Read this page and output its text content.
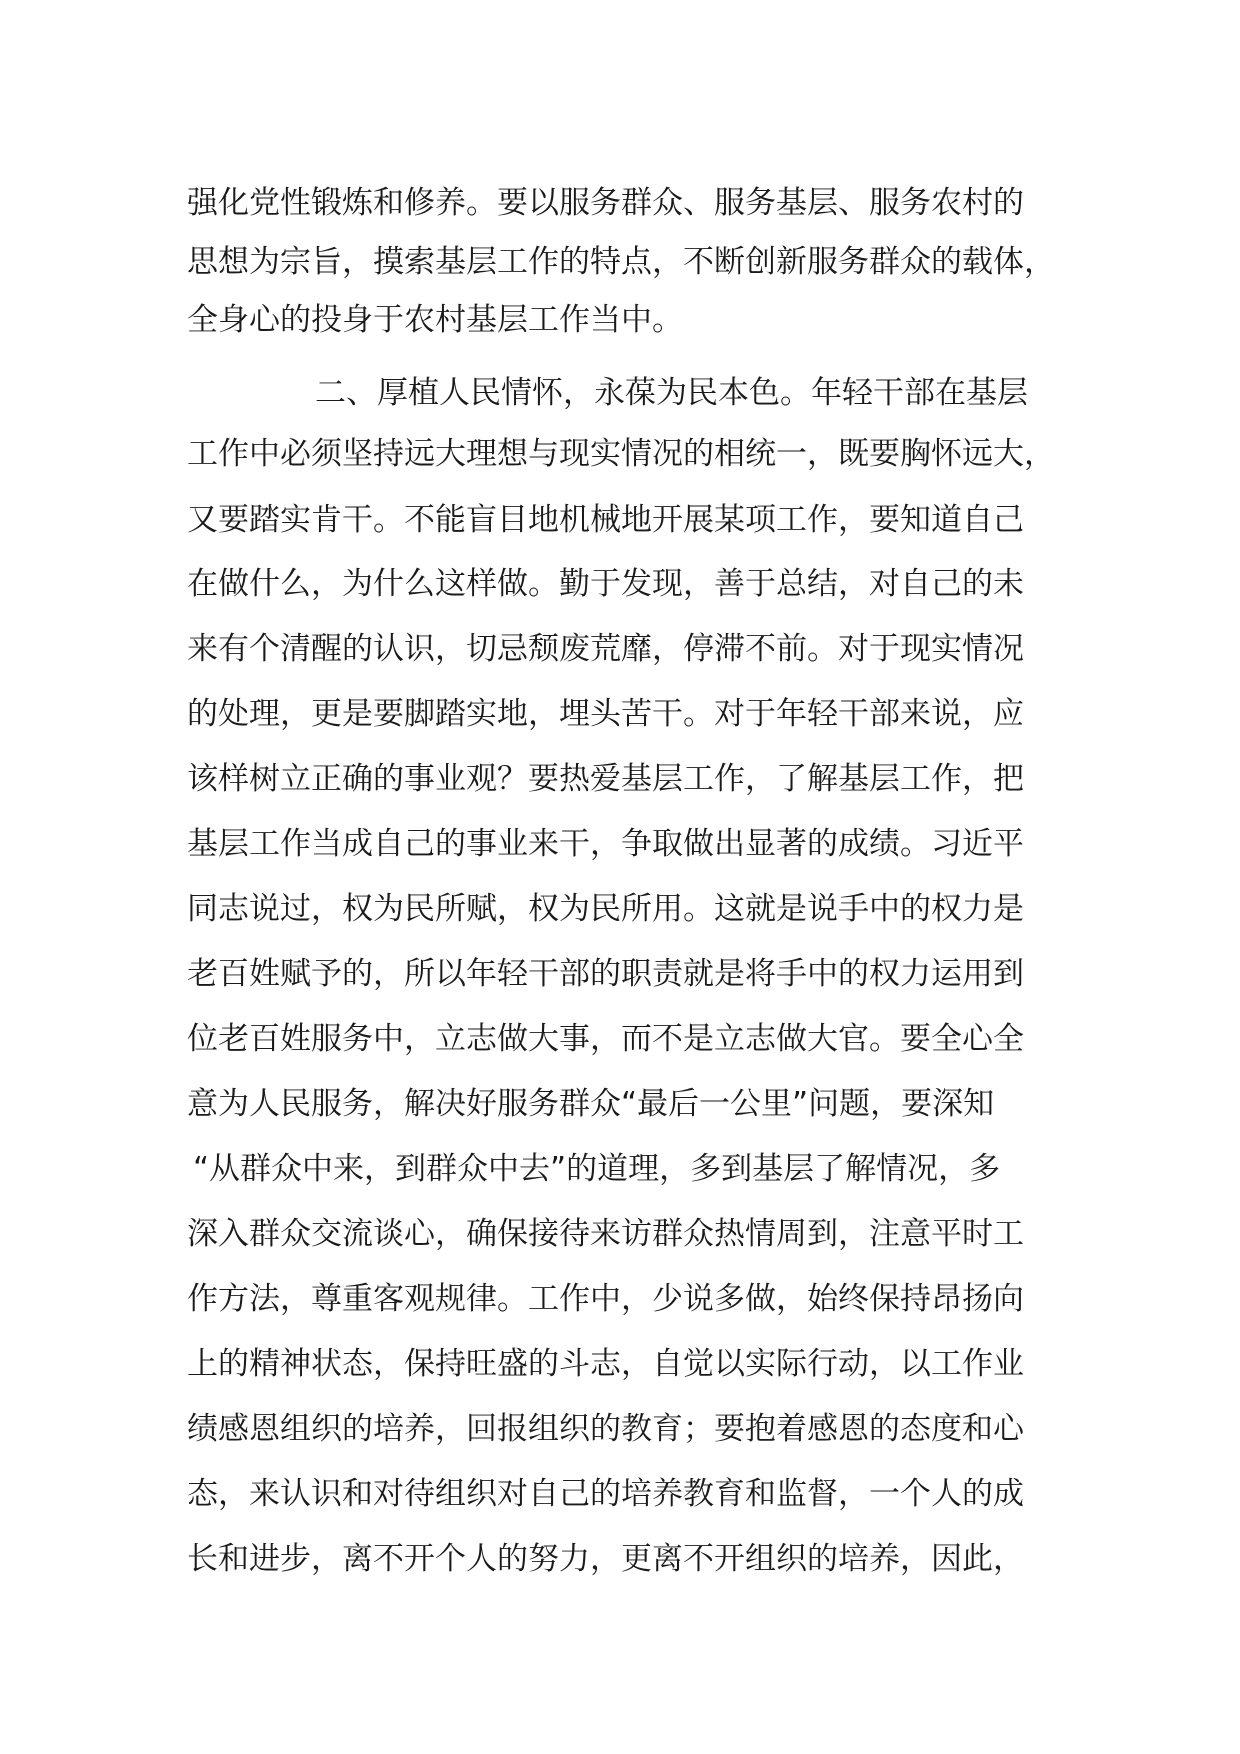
强化党性锻炼和修养。要以服务群众、服务基层、服务农村的
思想为宗旨，摸索基层工作的特点，不断创新服务群众的载体，
全身心的投身于农村基层工作当中。
二、厚植人民情怀，永葆为民本色。年轻干部在基层
工作中必须坚持远大理想与现实情况的相统一，既要胸怀远大，
又要踏实肯干。不能盲目地机械地开展某项工作，要知道自己
在做什么，为什么这样做。勤于发现，善于总结，对自己的未
来有个清醒的认识，切忌颓废荒靡，停滞不前。对于现实情况
的处理，更是要脚踏实地，埋头苦干。对于年轻干部来说，应
该样树立正确的事业观？要热爱基层工作，了解基层工作，把
基层工作当成自己的事业来干，争取做出显著的成绩。习近平
同志说过，权为民所赋，权为民所用。这就是说手中的权力是
老百姓赋予的，所以年轻干部的职责就是将手中的权力运用到
位老百姓服务中，立志做大事，而不是立志做大官。要全心全
意为人民服务，解决好服务群众“最后一公里”问题，要深知
“从群众中来，到群众中去”的道理，多到基层了解情况，多
深入群众交流谈心，确保接待来访群众热情周到，注意平时工
作方法，尊重客观规律。工作中，少说多做，始终保持昂扬向
上的精神状态，保持旺盛的斗志，自觉以实际行动，以工作业
绩感恩组织的培养，回报组织的教育；要抱着感恩的态度和心
态，来认识和对待组织对自己的培养教育和监督，一个人的成
长和进步，离不开个人的努力，更离不开组织的培养，因此，
